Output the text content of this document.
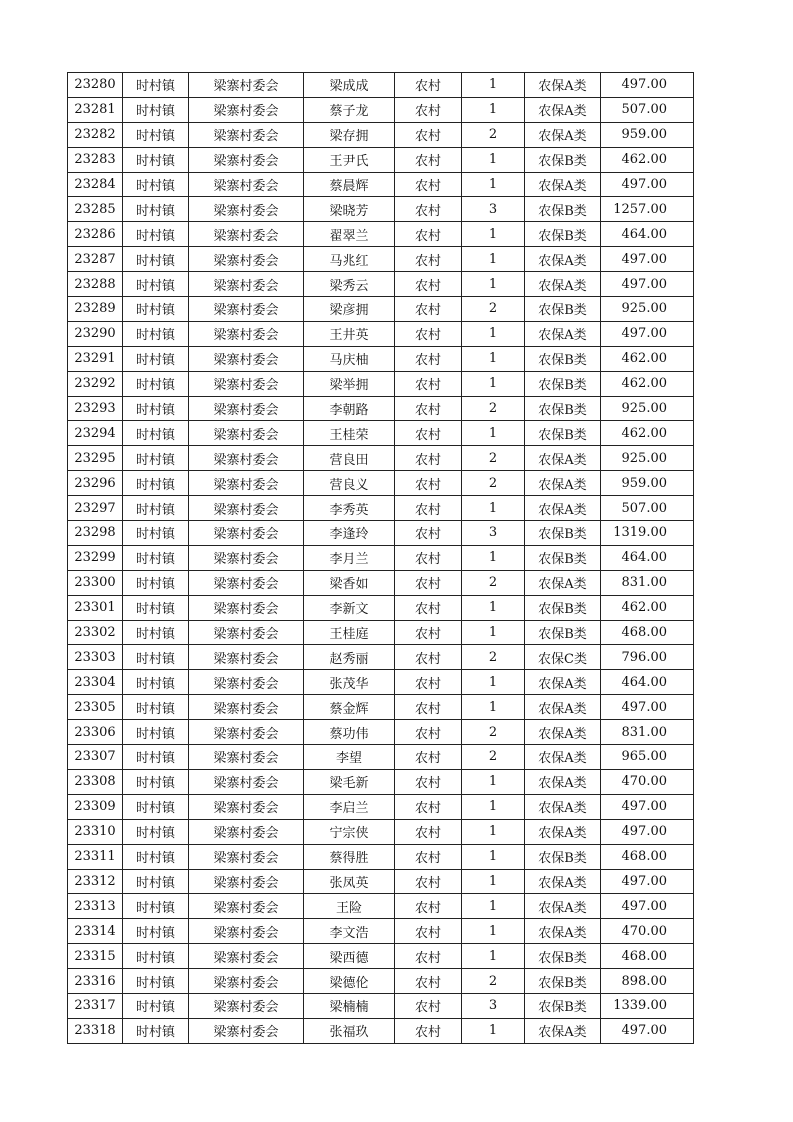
23280	时村镇	梁寨村委会	梁成成	农村	1	农保A类	497.00
23281	时村镇	梁寨村委会	蔡子龙	农村	1	农保A类	507.00
23282	时村镇	梁寨村委会	梁存拥	农村	2	农保A类	959.00
23283	时村镇	梁寨村委会	王尹氏	农村	1	农保B类	462.00
23284	时村镇	梁寨村委会	蔡晨辉	农村	1	农保A类	497.00
23285	时村镇	梁寨村委会	梁晓芳	农村	3	农保B类	1257.00
23286	时村镇	梁寨村委会	翟翠兰	农村	1	农保B类	464.00
23287	时村镇	梁寨村委会	马兆红	农村	1	农保A类	497.00
23288	时村镇	梁寨村委会	梁秀云	农村	1	农保A类	497.00
23289	时村镇	梁寨村委会	梁彦拥	农村	2	农保B类	925.00
23290	时村镇	梁寨村委会	王井英	农村	1	农保A类	497.00
23291	时村镇	梁寨村委会	马庆柚	农村	1	农保B类	462.00
23292	时村镇	梁寨村委会	梁举拥	农村	1	农保B类	462.00
23293	时村镇	梁寨村委会	李朝路	农村	2	农保B类	925.00
23294	时村镇	梁寨村委会	王桂荣	农村	1	农保B类	462.00
23295	时村镇	梁寨村委会	营良田	农村	2	农保A类	925.00
23296	时村镇	梁寨村委会	营良义	农村	2	农保A类	959.00
23297	时村镇	梁寨村委会	李秀英	农村	1	农保A类	507.00
23298	时村镇	梁寨村委会	李逢玲	农村	3	农保B类	1319.00
23299	时村镇	梁寨村委会	李月兰	农村	1	农保B类	464.00
23300	时村镇	梁寨村委会	梁香如	农村	2	农保A类	831.00
23301	时村镇	梁寨村委会	李新文	农村	1	农保B类	462.00
23302	时村镇	梁寨村委会	王桂庭	农村	1	农保B类	468.00
23303	时村镇	梁寨村委会	赵秀丽	农村	2	农保C类	796.00
23304	时村镇	梁寨村委会	张茂华	农村	1	农保A类	464.00
23305	时村镇	梁寨村委会	蔡金辉	农村	1	农保A类	497.00
23306	时村镇	梁寨村委会	蔡功伟	农村	2	农保A类	831.00
23307	时村镇	梁寨村委会	李望	农村	2	农保A类	965.00
23308	时村镇	梁寨村委会	梁毛新	农村	1	农保A类	470.00
23309	时村镇	梁寨村委会	李启兰	农村	1	农保A类	497.00
23310	时村镇	梁寨村委会	宁宗侠	农村	1	农保A类	497.00
23311	时村镇	梁寨村委会	蔡得胜	农村	1	农保B类	468.00
23312	时村镇	梁寨村委会	张凤英	农村	1	农保A类	497.00
23313	时村镇	梁寨村委会	王险	农村	1	农保A类	497.00
23314	时村镇	梁寨村委会	李文浩	农村	1	农保A类	470.00
23315	时村镇	梁寨村委会	梁西德	农村	1	农保B类	468.00
23316	时村镇	梁寨村委会	梁德伦	农村	2	农保B类	898.00
23317	时村镇	梁寨村委会	梁楠楠	农村	3	农保B类	1339.00
23318	时村镇	梁寨村委会	张福玖	农村	1	农保A类	497.00
